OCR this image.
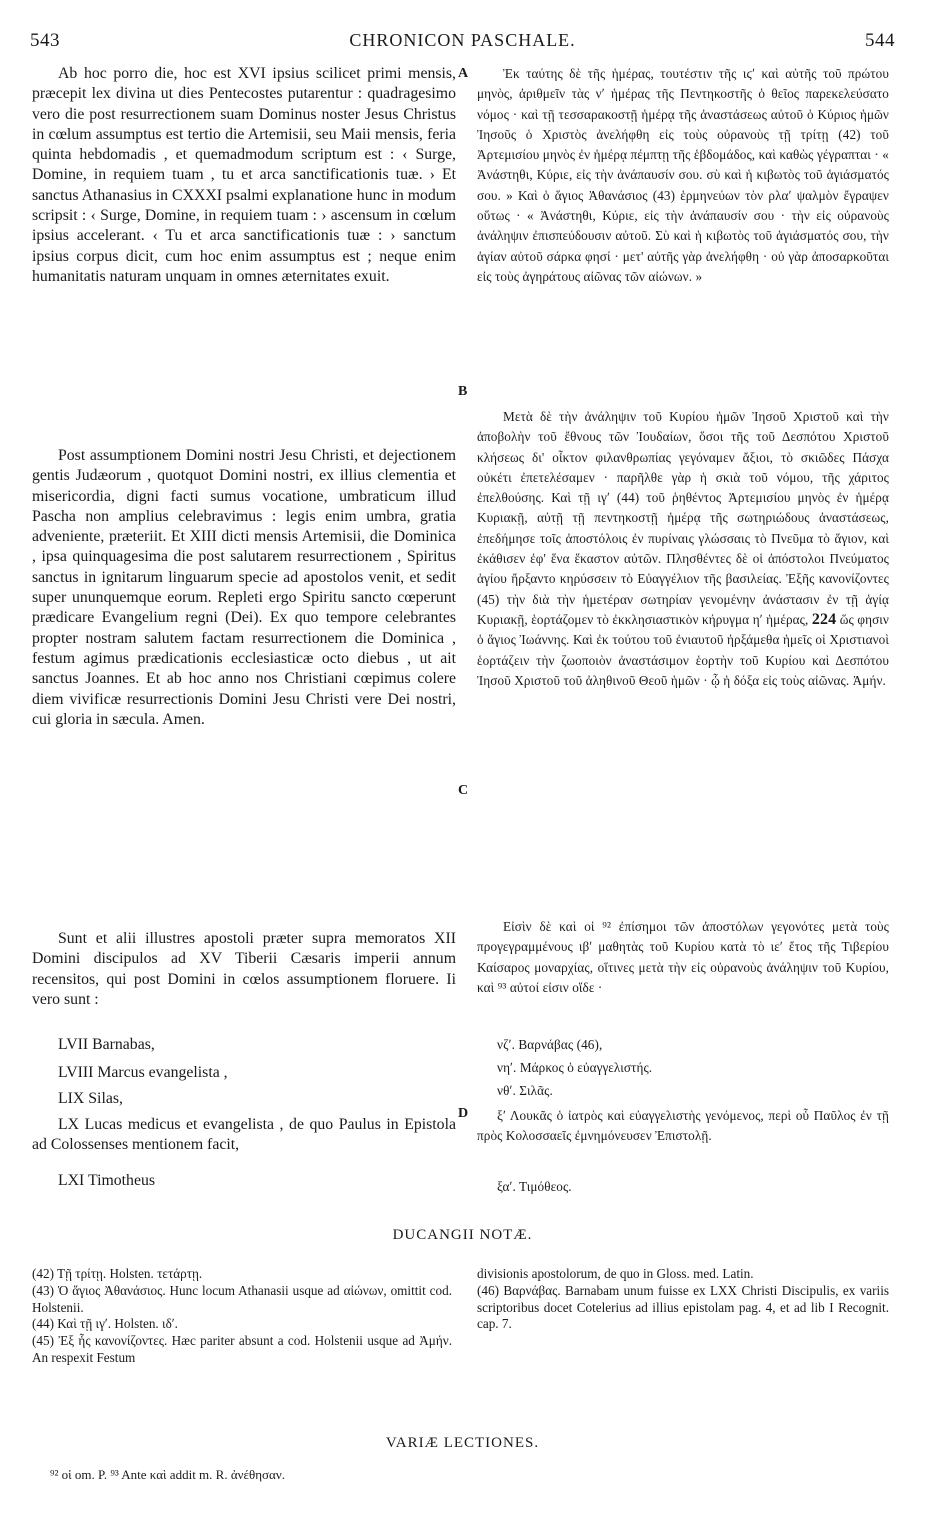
543	CHRONICON PASCHALE.	544
A
B
C
D

Ab hoc porro die, hoc est XVI ipsius scilicet primi mensis, præcepit lex divina ut dies Pentecostes putarentur : quadragesimo vero die post resurrectionem suam Dominus noster Jesus Christus in cœlum assumptus est tertio die Artemisii, seu Maii mensis, feria quinta hebdomadis , et quemadmodum scriptum est : ‹ Surge, Domine, in requiem tuam , tu et arca sanctificationis tuæ. › Et sanctus Athanasius in CXXXI psalmi explanatione hunc in modum scripsit : ‹ Surge, Domine, in requiem tuam : › ascensum in cœlum ipsius accelerant. ‹ Tu et arca sanctificationis tuæ : › sanctum ipsius corpus dicit, cum hoc enim assumptus est ; neque enim humanitatis naturam unquam in omnes æternitates exuit.

Post assumptionem Domini nostri Jesu Christi, et dejectionem gentis Judæorum , quotquot Domini nostri, ex illius clementia et misericordia, digni facti sumus vocatione, umbraticum illud Pascha non amplius celebravimus : legis enim umbra, gratia adveniente, præteriit. Et XIII dicti mensis Artemisii, die Dominica , ipsa quinquagesima die post salutarem resurrectionem , Spiritus sanctus in ignitarum linguarum specie ad apostolos venit, et sedit super ununquemque eorum. Repleti ergo Spiritu sancto cœperunt prædicare Evangelium regni (Dei). Ex quo tempore celebrantes propter nostram salutem factam resurrectionem die Dominica , festum agimus prædicationis ecclesiasticæ octo diebus , ut ait sanctus Joannes. Et ab hoc anno nos Christiani cœpimus colere diem vivificæ resurrectionis Domini Jesu Christi vere Dei nostri, cui gloria in sæcula. Amen.

Sunt et alii illustres apostoli præter supra memoratos XII Domini discipulos ad XV Tiberii Cæsaris imperii annum recensitos, qui post Domini in cœlos assumptionem floruere. Ii vero sunt :

LVII Barnabas,
LVIII Marcus evangelista ,
LIX Silas,

LX Lucas medicus et evangelista , de quo Paulus in Epistola ad Colossenses mentionem facit,

LXI Timotheus

Ἐκ ταύτης δὲ τῆς ἡμέρας, τουτέστιν τῆς ιϛʹ καὶ αὐτῆς τοῦ πρώτου μηνὸς, ἀριθμεῖν τὰς νʹ ἡμέρας τῆς Πεντηκοστῆς ὁ θεῖος παρεκελεύσατο νόμος · καὶ τῇ τεσσαρακοστῇ ἡμέρᾳ τῆς ἀναστάσεως αὐτοῦ ὁ Κύριος ἡμῶν Ἰησοῦς ὁ Χριστὸς ἀνελήφθη εἰς τοὺς οὐρανοὺς τῇ τρίτῃ (42) τοῦ Ἀρτεμισίου μηνὸς ἐν ἡμέρᾳ πέμπτῃ τῆς ἑβδομάδος, καὶ καθὼς γέγραπται · « Ἀνάστηθι, Κύριε, εἰς τὴν ἀνάπαυσίν σου. σὺ καὶ ἡ κιβωτὸς τοῦ ἁγιάσματός σου. » Καὶ ὁ ἅγιος Ἀθανάσιος (43) ἑρμηνεύων τὸν ρλαʹ ψαλμὸν ἔγραψεν οὕτως · « Ἀνάστηθι, Κύριε, εἰς τὴν ἀνάπαυσίν σου · τὴν εἰς οὐρανοὺς ἀνάληψιν ἐπισπεύδουσιν αὐτοῦ. Σὺ καὶ ἡ κιβωτὸς τοῦ ἁγιάσματός σου, τὴν ἁγίαν αὐτοῦ σάρκα φησί · μετ' αὐτῆς γὰρ ἀνελήφθη · οὐ γὰρ ἀποσαρκοῦται εἰς τοὺς ἀγηράτους αἰῶνας τῶν αἰώνων. »

Μετὰ δὲ τὴν ἀνάληψιν τοῦ Κυρίου ἡμῶν Ἰησοῦ Χριστοῦ καὶ τὴν ἀποβολὴν τοῦ ἔθνους τῶν Ἰουδαίων, ὅσοι τῆς τοῦ Δεσπότου Χριστοῦ κλήσεως δι' οἶκτον φιλανθρωπίας γεγόναμεν ἄξιοι, τὸ σκιῶδες Πάσχα οὐκέτι ἐπετελέσαμεν · παρῆλθε γὰρ ἡ σκιὰ τοῦ νόμου, τῆς χάριτος ἐπελθούσης. Καὶ τῇ ιγʹ (44) τοῦ ῥηθέντος Ἀρτεμισίου μηνὸς ἐν ἡμέρᾳ Κυριακῇ, αὐτῇ τῇ πεντηκοστῇ ἡμέρᾳ τῆς σωτηριώδους ἀναστάσεως, ἐπεδήμησε τοῖς ἀποστόλοις ἐν πυρίναις γλώσσαις τὸ Πνεῦμα τὸ ἅγιον, καὶ ἐκάθισεν ἐφ' ἕνα ἕκαστον αὐτῶν. Πλησθέντες δὲ οἱ ἀπόστολοι Πνεύματος ἁγίου ἤρξαντο κηρύσσειν τὸ Εὐαγγέλιον τῆς βασιλείας. Ἐξῆς κανονίζοντες (45) τὴν διὰ τὴν ἡμετέραν σωτηρίαν γενομένην ἀνάστασιν ἐν τῇ ἁγίᾳ Κυριακῇ, ἑορτάζομεν τὸ ἐκκλησιαστικὸν κήρυγμα ηʹ ἡμέρας, 224 ὥς φησιν ὁ ἅγιος Ἰωάννης. Καὶ ἐκ τούτου τοῦ ἐνιαυτοῦ ἠρξάμεθα ἡμεῖς οἱ Χριστιανοὶ ἑορτάζειν τὴν ζωοποιὸν ἀναστάσιμον ἑορτὴν τοῦ Κυρίου καὶ Δεσπότου Ἰησοῦ Χριστοῦ τοῦ ἀληθινοῦ Θεοῦ ἡμῶν · ᾧ ἡ δόξα εἰς τοὺς αἰῶνας. Ἀμήν.

Εἰσὶν δὲ καὶ οἱ ⁹² ἐπίσημοι τῶν ἀποστόλων γεγονότες μετὰ τοὺς προγεγραμμένους ιβʹ μαθητὰς τοῦ Κυρίου κατὰ τὸ ιεʹ ἔτος τῆς Τιβερίου Καίσαρος μοναρχίας, οἵτινες μετὰ τὴν εἰς οὐρανοὺς ἀνάληψιν τοῦ Κυρίου, καὶ ⁹³ αὐτοί εἰσιν οἵδε ·

νζʹ. Βαρνάβας (46),
νηʹ. Μάρκος ὁ εὐαγγελιστής.
νθʹ. Σιλᾶς.

ξʹ Λουκᾶς ὁ ἰατρὸς καὶ εὐαγγελιστὴς γενόμενος, περὶ οὗ Παῦλος ἐν τῇ πρὸς Κολοσσαεῖς ἐμνημόνευσεν Ἐπιστολῇ.

ξαʹ. Τιμόθεος.
DUCANGII NOTÆ.

(42) Τῇ τρίτῃ. Holsten. τετάρτῃ.

(43) Ὁ ἅγιος Ἀθανάσιος. Hunc locum Athanasii usque ad αἰώνων, omittit cod. Holstenii.

(44) Καὶ τῇ ιγʹ. Holsten. ιδʹ.

(45) Ἐξ ἧς κανονίζοντες. Hæc pariter absunt a cod. Holstenii usque ad Ἀμήν. An respexit Festum

divisionis apostolorum, de quo in Gloss. med. Latin.

(46) Βαρνάβας. Barnabam unum fuisse ex LXX Christi Discipulis, ex variis scriptoribus docet Cotelerius ad illius epistolam pag. 4, et ad lib I Recognit. cap. 7.

VARIÆ LECTIONES.
⁹² οἱ om. P. ⁹³ Ante καὶ addit m. R. ἀνέθησαν.
